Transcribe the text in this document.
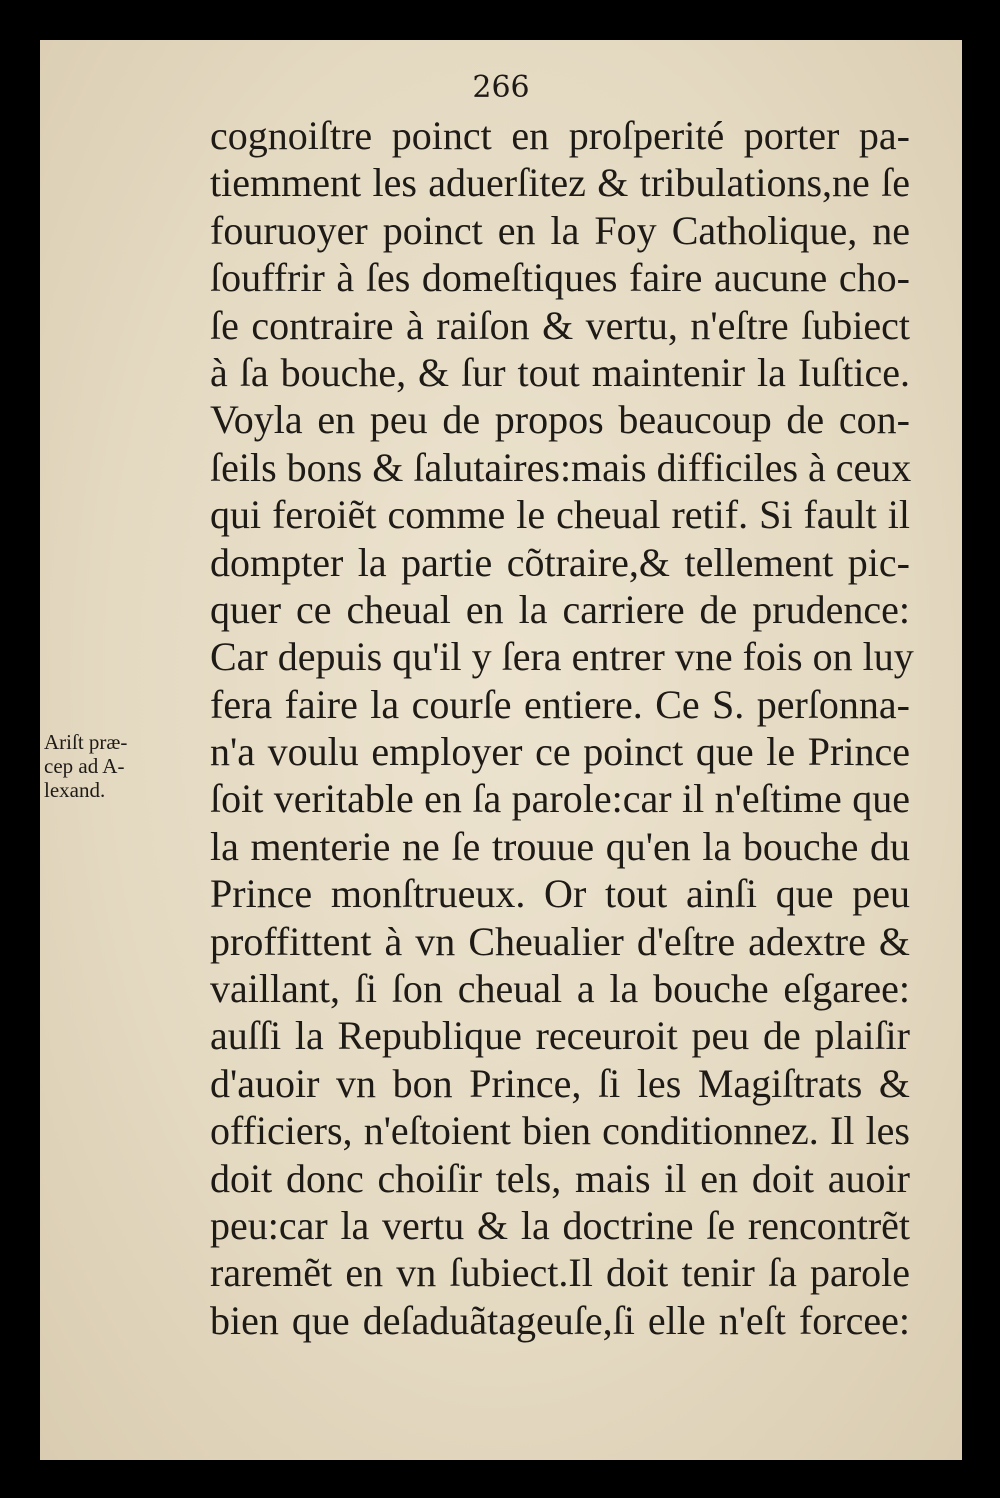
266
Ariſt præ-
cep ad A-
lexand.
cognoiſtre poinct en proſperité porter pa-
tiemment les aduerſitez & tribulations,ne ſe
fouruoyer poinct en la Foy Catholique, ne
ſouffrir à ſes domeſtiques faire aucune cho-
ſe contraire à raiſon & vertu, n'eſtre ſubiect
à ſa bouche, & ſur tout maintenir la Iuſtice.
Voyla en peu de propos beaucoup de con-
ſeils bons & ſalutaires:mais difficiles à ceux
qui feroiẽt comme le cheual retif. Si fault il
dompter la partie cõtraire,& tellement pic-
quer ce cheual en la carriere de prudence:
Car depuis qu'il y ſera entrer vne fois on luy
fera faire la courſe entiere. Ce S. perſonna-
n'a voulu employer ce poinct que le Prince
ſoit veritable en ſa parole:car il n'eſtime que
la menterie ne ſe trouue qu'en la bouche du
Prince monſtrueux. Or tout ainſi que peu
proffittent à vn Cheualier d'eſtre adextre &
vaillant, ſi ſon cheual a la bouche eſgaree:
auſſi la Republique receuroit peu de plaiſir
d'auoir vn bon Prince, ſi les Magiſtrats &
officiers, n'eſtoient bien conditionnez. Il les
doit donc choiſir tels, mais il en doit auoir
peu:car la vertu & la doctrine ſe rencontrẽt
raremẽt en vn ſubiect.Il doit tenir ſa parole
bien que deſaduãtageuſe,ſi elle n'eſt forcee:
